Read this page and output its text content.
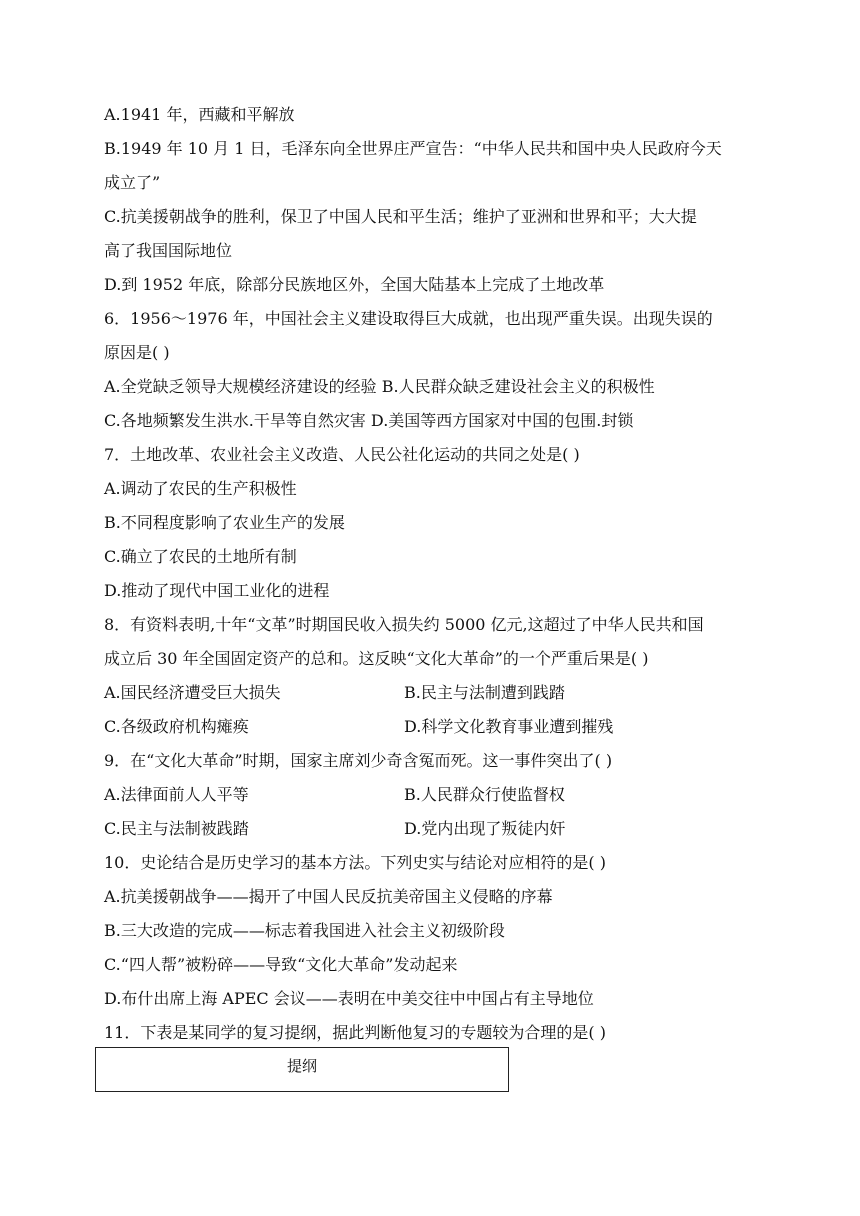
A.1941 年，西藏和平解放
B.1949 年 10 月 1 日，毛泽东向全世界庄严宣告：“中华人民共和国中央人民政府今天
成立了”
C.抗美援朝战争的胜利，保卫了中国人民和平生活；维护了亚洲和世界和平；大大提
高了我国国际地位
D.到 1952 年底，除部分民族地区外，全国大陆基本上完成了土地改革
6．1956～1976 年，中国社会主义建设取得巨大成就，也出现严重失误。出现失误的
原因是( )
A.全党缺乏领导大规模经济建设的经验 B.人民群众缺乏建设社会主义的积极性
C.各地频繁发生洪水.干旱等自然灾害 D.美国等西方国家对中国的包围.封锁
7．土地改革、农业社会主义改造、人民公社化运动的共同之处是( )
A.调动了农民的生产积极性
B.不同程度影响了农业生产的发展
C.确立了农民的土地所有制
D.推动了现代中国工业化的进程
8．有资料表明,十年“文革”时期国民收入损失约 5000 亿元,这超过了中华人民共和国
成立后 30 年全国固定资产的总和。这反映“文化大革命”的一个严重后果是( )
A.国民经济遭受巨大损失	B.民主与法制遭到践踏
C.各级政府机构瘫痪	D.科学文化教育事业遭到摧残
9．在“文化大革命”时期，国家主席刘少奇含冤而死。这一事件突出了( )
A.法律面前人人平等	B.人民群众行使监督权
C.民主与法制被践踏	D.党内出现了叛徒内奸
10．史论结合是历史学习的基本方法。下列史实与结论对应相符的是( )
A.抗美援朝战争——揭开了中国人民反抗美帝国主义侵略的序幕
B.三大改造的完成——标志着我国进入社会主义初级阶段
C.“四人帮”被粉碎——导致“文化大革命”发动起来
D.布什出席上海 APEC 会议——表明在中美交往中中国占有主导地位
11．下表是某同学的复习提纲，据此判断他复习的专题较为合理的是( )
提纲
